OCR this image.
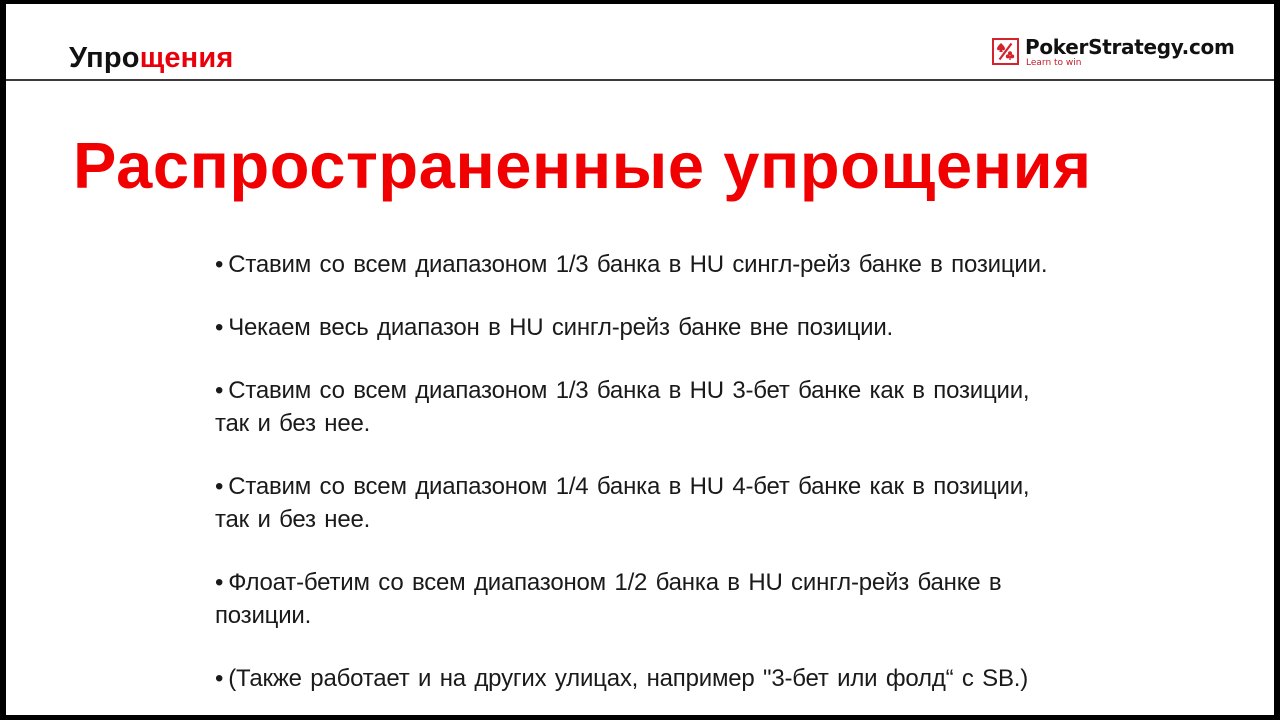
Упрощения	PokerStrategy.com
Learn to win
Распространенные упрощения
• Ставим со всем диапазоном 1/3 банка в HU сингл-рейз банке в позиции.
• Чекаем весь диапазон в HU сингл-рейз банке вне позиции.
• Ставим со всем диапазоном 1/3 банка в HU 3-бет банке как в позиции,
так и без нее.
• Ставим со всем диапазоном 1/4 банка в HU 4-бет банке как в позиции,
так и без нее.
• Флоат-бетим со всем диапазоном 1/2 банка в HU сингл-рейз банке в
позиции.
• (Также работает и на других улицах, например "3-бет или фолд“ с SB.)
